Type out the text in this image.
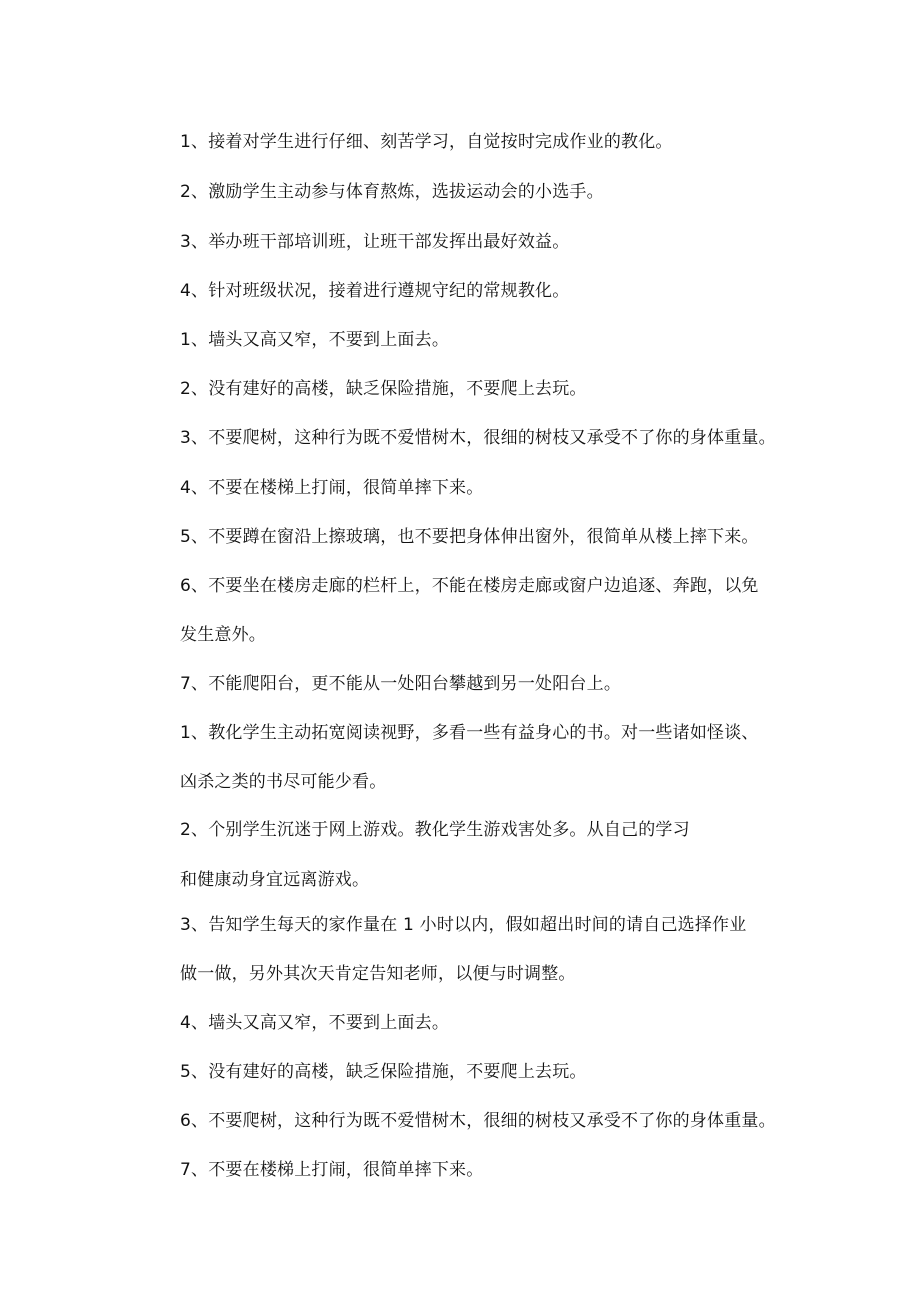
1、接着对学生进行仔细、刻苦学习，自觉按时完成作业的教化。
2、激励学生主动参与体育熬炼，选拔运动会的小选手。
3、举办班干部培训班，让班干部发挥出最好效益。
4、针对班级状况，接着进行遵规守纪的常规教化。
1、墙头又高又窄，不要到上面去。
2、没有建好的高楼，缺乏保险措施，不要爬上去玩。
3、不要爬树，这种行为既不爱惜树木，很细的树枝又承受不了你的身体重量。
4、不要在楼梯上打闹，很简单摔下来。
5、不要蹲在窗沿上擦玻璃，也不要把身体伸出窗外，很简单从楼上摔下来。
6、不要坐在楼房走廊的栏杆上，不能在楼房走廊或窗户边追逐、奔跑，以免
发生意外。
7、不能爬阳台，更不能从一处阳台攀越到另一处阳台上。
1、教化学生主动拓宽阅读视野，多看一些有益身心的书。对一些诸如怪谈、
凶杀之类的书尽可能少看。
2、个别学生沉迷于网上游戏。教化学生游戏害处多。从自己的学习
和健康动身宜远离游戏。
3、告知学生每天的家作量在 1 小时以内，假如超出时间的请自己选择作业
做一做，另外其次天肯定告知老师，以便与时调整。
4、墙头又高又窄，不要到上面去。
5、没有建好的高楼，缺乏保险措施，不要爬上去玩。
6、不要爬树，这种行为既不爱惜树木，很细的树枝又承受不了你的身体重量。
7、不要在楼梯上打闹，很简单摔下来。
